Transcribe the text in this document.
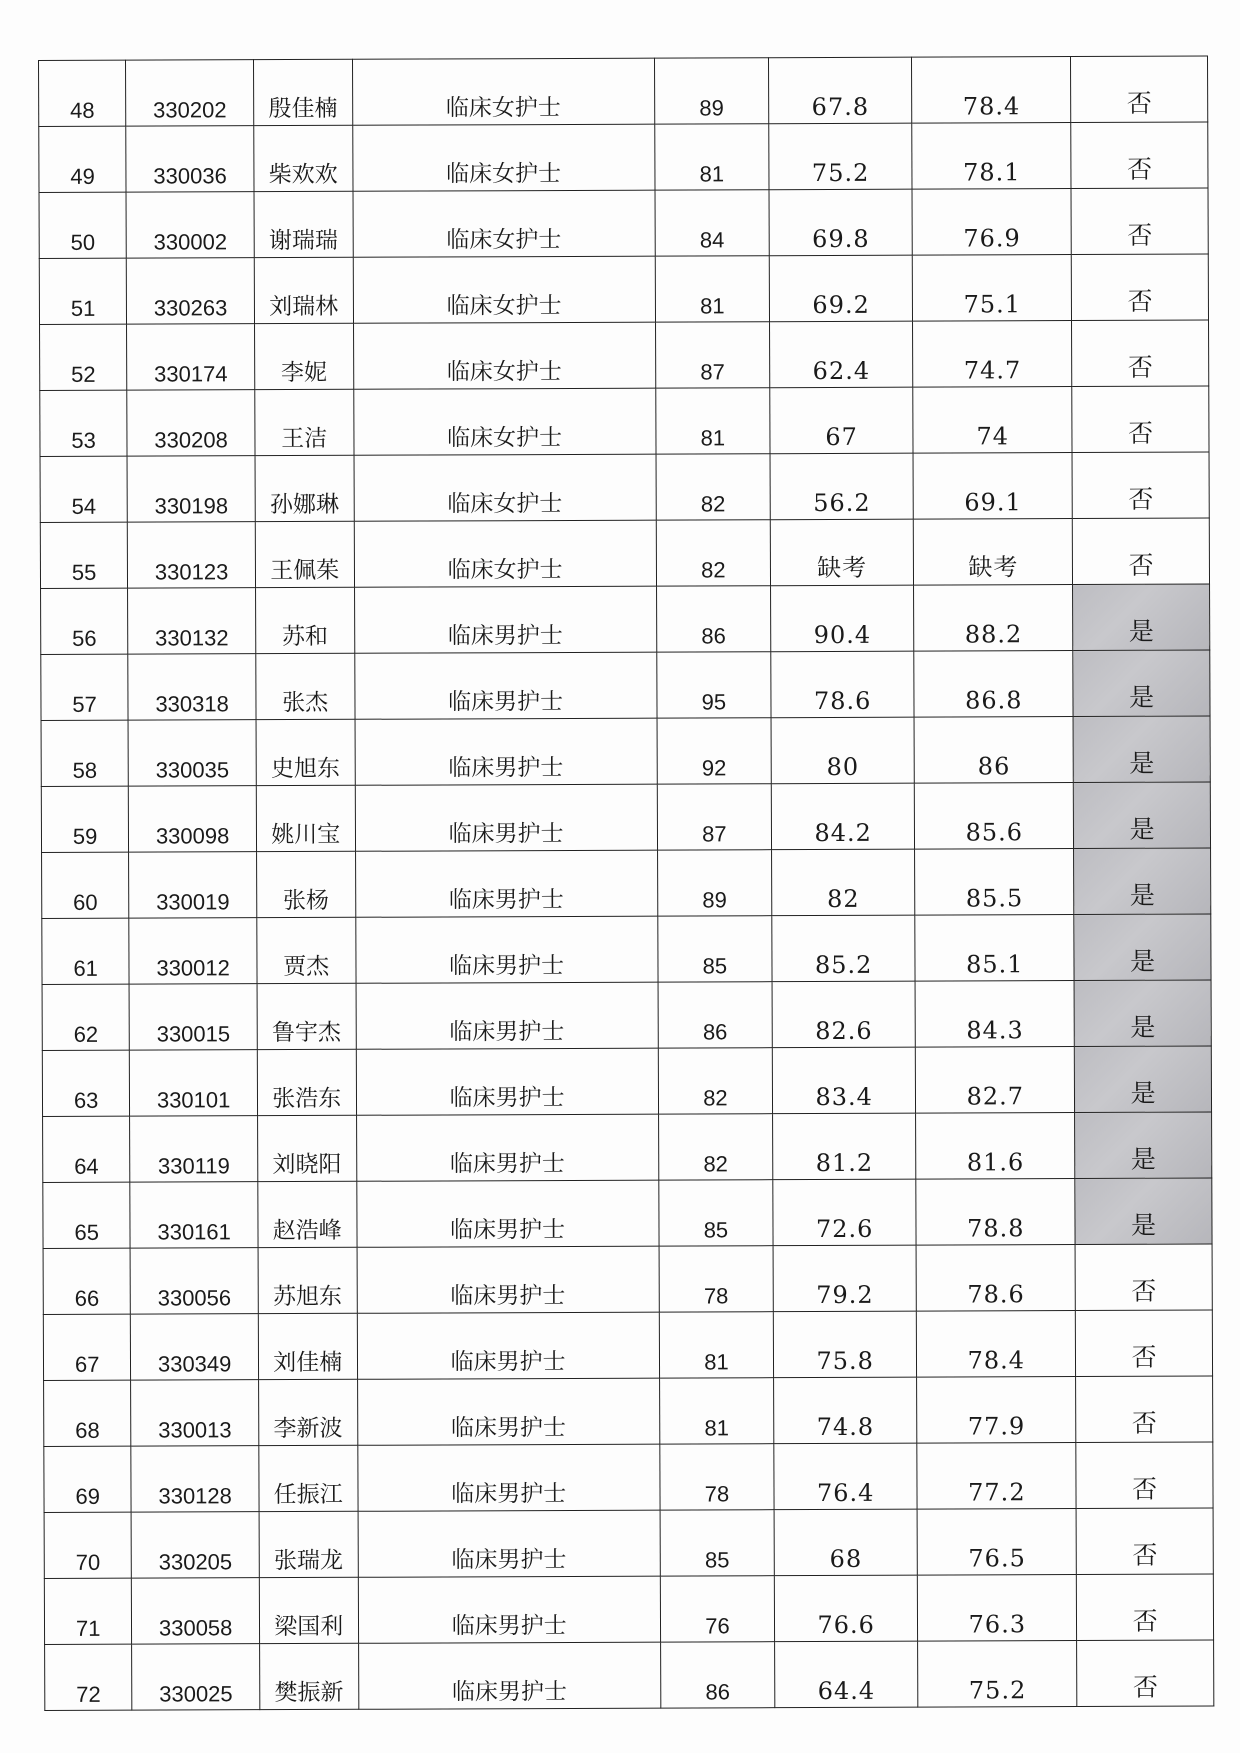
48	330202	殷佳楠	临床女护士	89	67.8	78.4	否
49	330036	柴欢欢	临床女护士	81	75.2	78.1	否
50	330002	谢瑞瑞	临床女护士	84	69.8	76.9	否
51	330263	刘瑞林	临床女护士	81	69.2	75.1	否
52	330174	李妮	临床女护士	87	62.4	74.7	否
53	330208	王洁	临床女护士	81	67	74	否
54	330198	孙娜琳	临床女护士	82	56.2	69.1	否
55	330123	王佩茱	临床女护士	82	缺考	缺考	否
56	330132	苏和	临床男护士	86	90.4	88.2	是
57	330318	张杰	临床男护士	95	78.6	86.8	是
58	330035	史旭东	临床男护士	92	80	86	是
59	330098	姚川宝	临床男护士	87	84.2	85.6	是
60	330019	张杨	临床男护士	89	82	85.5	是
61	330012	贾杰	临床男护士	85	85.2	85.1	是
62	330015	鲁宇杰	临床男护士	86	82.6	84.3	是
63	330101	张浩东	临床男护士	82	83.4	82.7	是
64	330119	刘晓阳	临床男护士	82	81.2	81.6	是
65	330161	赵浩峰	临床男护士	85	72.6	78.8	是
66	330056	苏旭东	临床男护士	78	79.2	78.6	否
67	330349	刘佳楠	临床男护士	81	75.8	78.4	否
68	330013	李新波	临床男护士	81	74.8	77.9	否
69	330128	任振江	临床男护士	78	76.4	77.2	否
70	330205	张瑞龙	临床男护士	85	68	76.5	否
71	330058	梁国利	临床男护士	76	76.6	76.3	否
72	330025	樊振新	临床男护士	86	64.4	75.2	否
